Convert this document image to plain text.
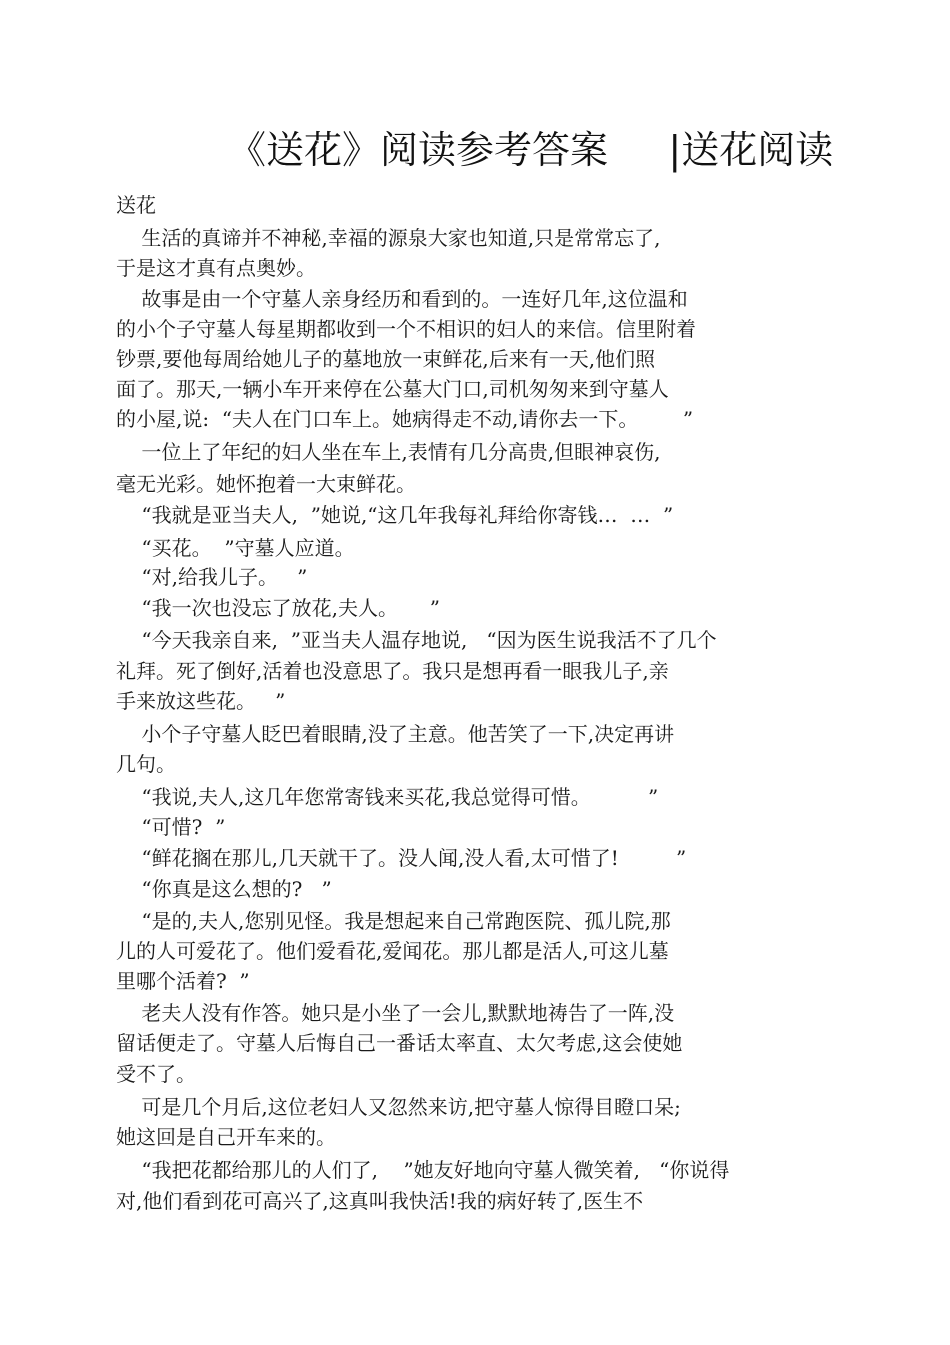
《送花》阅读参考答案     |送花阅读

送花

生活的真谛并不神秘,幸福的源泉大家也知道,只是常常忘了,

于是这才真有点奥妙。

故事是由一个守墓人亲身经历和看到的。一连好几年,这位温和

的小个子守墓人每星期都收到一个不相识的妇人的来信。信里附着

钞票,要他每周给她儿子的墓地放一束鲜花,后来有一天,他们照

面了。那天,一辆小车开来停在公墓大门口,司机匆匆来到守墓人

的小屋,说:  “夫人在门口车上。她病得走不动,请你去一下。       ”

一位上了年纪的妇人坐在车上,表情有几分高贵,但眼神哀伤,

毫无光彩。她怀抱着一大束鲜花。

“我就是亚当夫人,  ”她说,“这几年我每礼拜给你寄钱…  …  ”

“买花。  ”守墓人应道。

“对,给我儿子。   ”

“我一次也没忘了放花,夫人。     ”

“今天我亲自来,  ”亚当夫人温存地说,   “因为医生说我活不了几个

礼拜。死了倒好,活着也没意思了。我只是想再看一眼我儿子,亲

手来放这些花。   ”

小个子守墓人眨巴着眼睛,没了主意。他苦笑了一下,决定再讲

几句。

“我说,夫人,这几年您常寄钱来买花,我总觉得可惜。         ”

“可惜?  ”

“鲜花搁在那儿,几天就干了。没人闻,没人看,太可惜了!         ”

“你真是这么想的?   ”

“是的,夫人,您别见怪。我是想起来自己常跑医院、孤儿院,那

儿的人可爱花了。他们爱看花,爱闻花。那儿都是活人,可这儿墓

里哪个活着?  ”

老夫人没有作答。她只是小坐了一会儿,默默地祷告了一阵,没

留话便走了。守墓人后悔自己一番话太率直、太欠考虑,这会使她

受不了。

可是几个月后,这位老妇人又忽然来访,把守墓人惊得目瞪口呆;

她这回是自己开车来的。

“我把花都给那儿的人们了,    ”她友好地向守墓人微笑着,   “你说得

对,他们看到花可高兴了,这真叫我快活!我的病好转了,医生不
